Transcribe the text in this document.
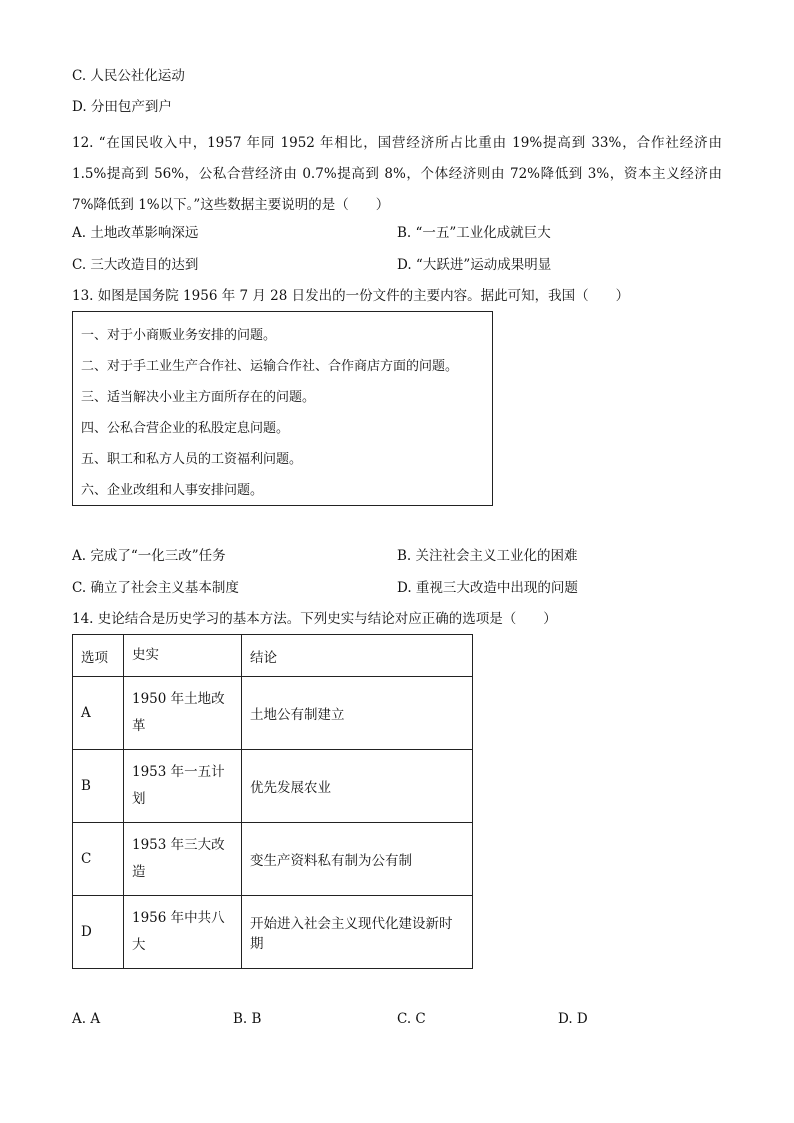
C. 人民公社化运动
D. 分田包产到户
12. “在国民收入中，1957 年同 1952 年相比，国营经济所占比重由 19%提高到 33%，合作社经济由 1.5%提高到 56%，公私合营经济由 0.7%提高到 8%，个体经济则由 72%降低到 3%，资本主义经济由 7%降低到 1%以下。”这些数据主要说明的是（　　）
A. 土地改革影响深远	B. “一五”工业化成就巨大
C. 三大改造目的达到	D. “大跃进”运动成果明显
13. 如图是国务院 1956 年 7 月 28 日发出的一份文件的主要内容。据此可知，我国（　　）
一、对于小商贩业务安排的问题。
二、对于手工业生产合作社、运输合作社、合作商店方面的问题。
三、适当解决小业主方面所存在的问题。
四、公私合营企业的私股定息问题。
五、职工和私方人员的工资福利问题。
六、企业改组和人事安排问题。
A. 完成了“一化三改”任务	B. 关注社会主义工业化的困难
C. 确立了社会主义基本制度	D. 重视三大改造中出现的问题
14. 史论结合是历史学习的基本方法。下列史实与结论对应正确的选项是（　　）
选项	史实	结论
A	1950 年土地改革	土地公有制建立
B	1953 年一五计划	优先发展农业
C	1953 年三大改造	变生产资料私有制为公有制
D	1956 年中共八大	开始进入社会主义现代化建设新时期
A. A	B. B	C. C	D. D
